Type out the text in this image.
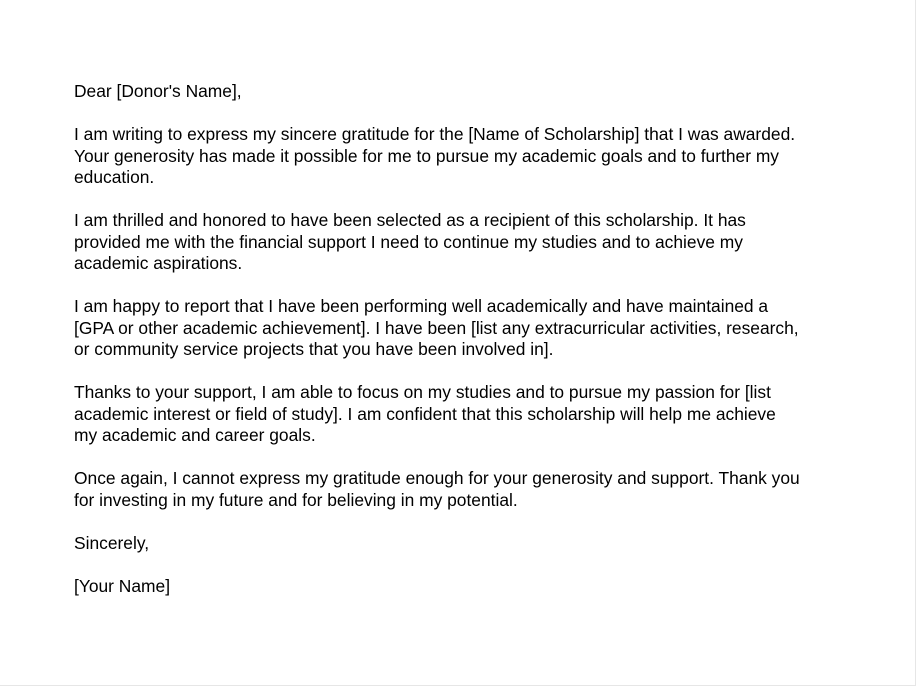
Dear [Donor's Name],

I am writing to express my sincere gratitude for the [Name of Scholarship] that I was awarded.
Your generosity has made it possible for me to pursue my academic goals and to further my
education.

I am thrilled and honored to have been selected as a recipient of this scholarship. It has
provided me with the financial support I need to continue my studies and to achieve my
academic aspirations.

I am happy to report that I have been performing well academically and have maintained a
[GPA or other academic achievement]. I have been [list any extracurricular activities, research,
or community service projects that you have been involved in].

Thanks to your support, I am able to focus on my studies and to pursue my passion for [list
academic interest or field of study]. I am confident that this scholarship will help me achieve
my academic and career goals.

Once again, I cannot express my gratitude enough for your generosity and support. Thank you
for investing in my future and for believing in my potential.

Sincerely,

[Your Name]
